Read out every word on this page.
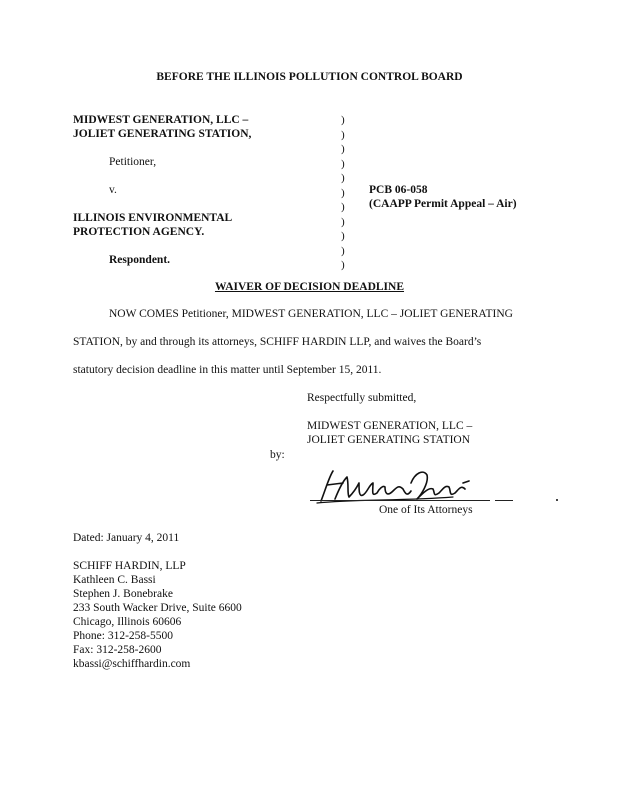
BEFORE THE ILLINOIS POLLUTION CONTROL BOARD
MIDWEST GENERATION, LLC –
JOLIET GENERATING STATION,
Petitioner,
v.
ILLINOIS ENVIRONMENTAL
PROTECTION AGENCY.
Respondent.
)
)
)
)
)
)
)
)
)
)
)
PCB 06-058
(CAAPP Permit Appeal – Air)
WAIVER OF DECISION DEADLINE
NOW COMES Petitioner, MIDWEST GENERATION, LLC – JOLIET GENERATING
STATION, by and through its attorneys, SCHIFF HARDIN LLP, and waives the Board’s
statutory decision deadline in this matter until September 15, 2011.
Respectfully submitted,
MIDWEST GENERATION, LLC –
JOLIET GENERATING STATION
by:
One of Its Attorneys
Dated: January 4, 2011
SCHIFF HARDIN, LLP
Kathleen C. Bassi
Stephen J. Bonebrake
233 South Wacker Drive, Suite 6600
Chicago, Illinois 60606
Phone: 312-258-5500
Fax: 312-258-2600
kbassi@schiffhardin.com
